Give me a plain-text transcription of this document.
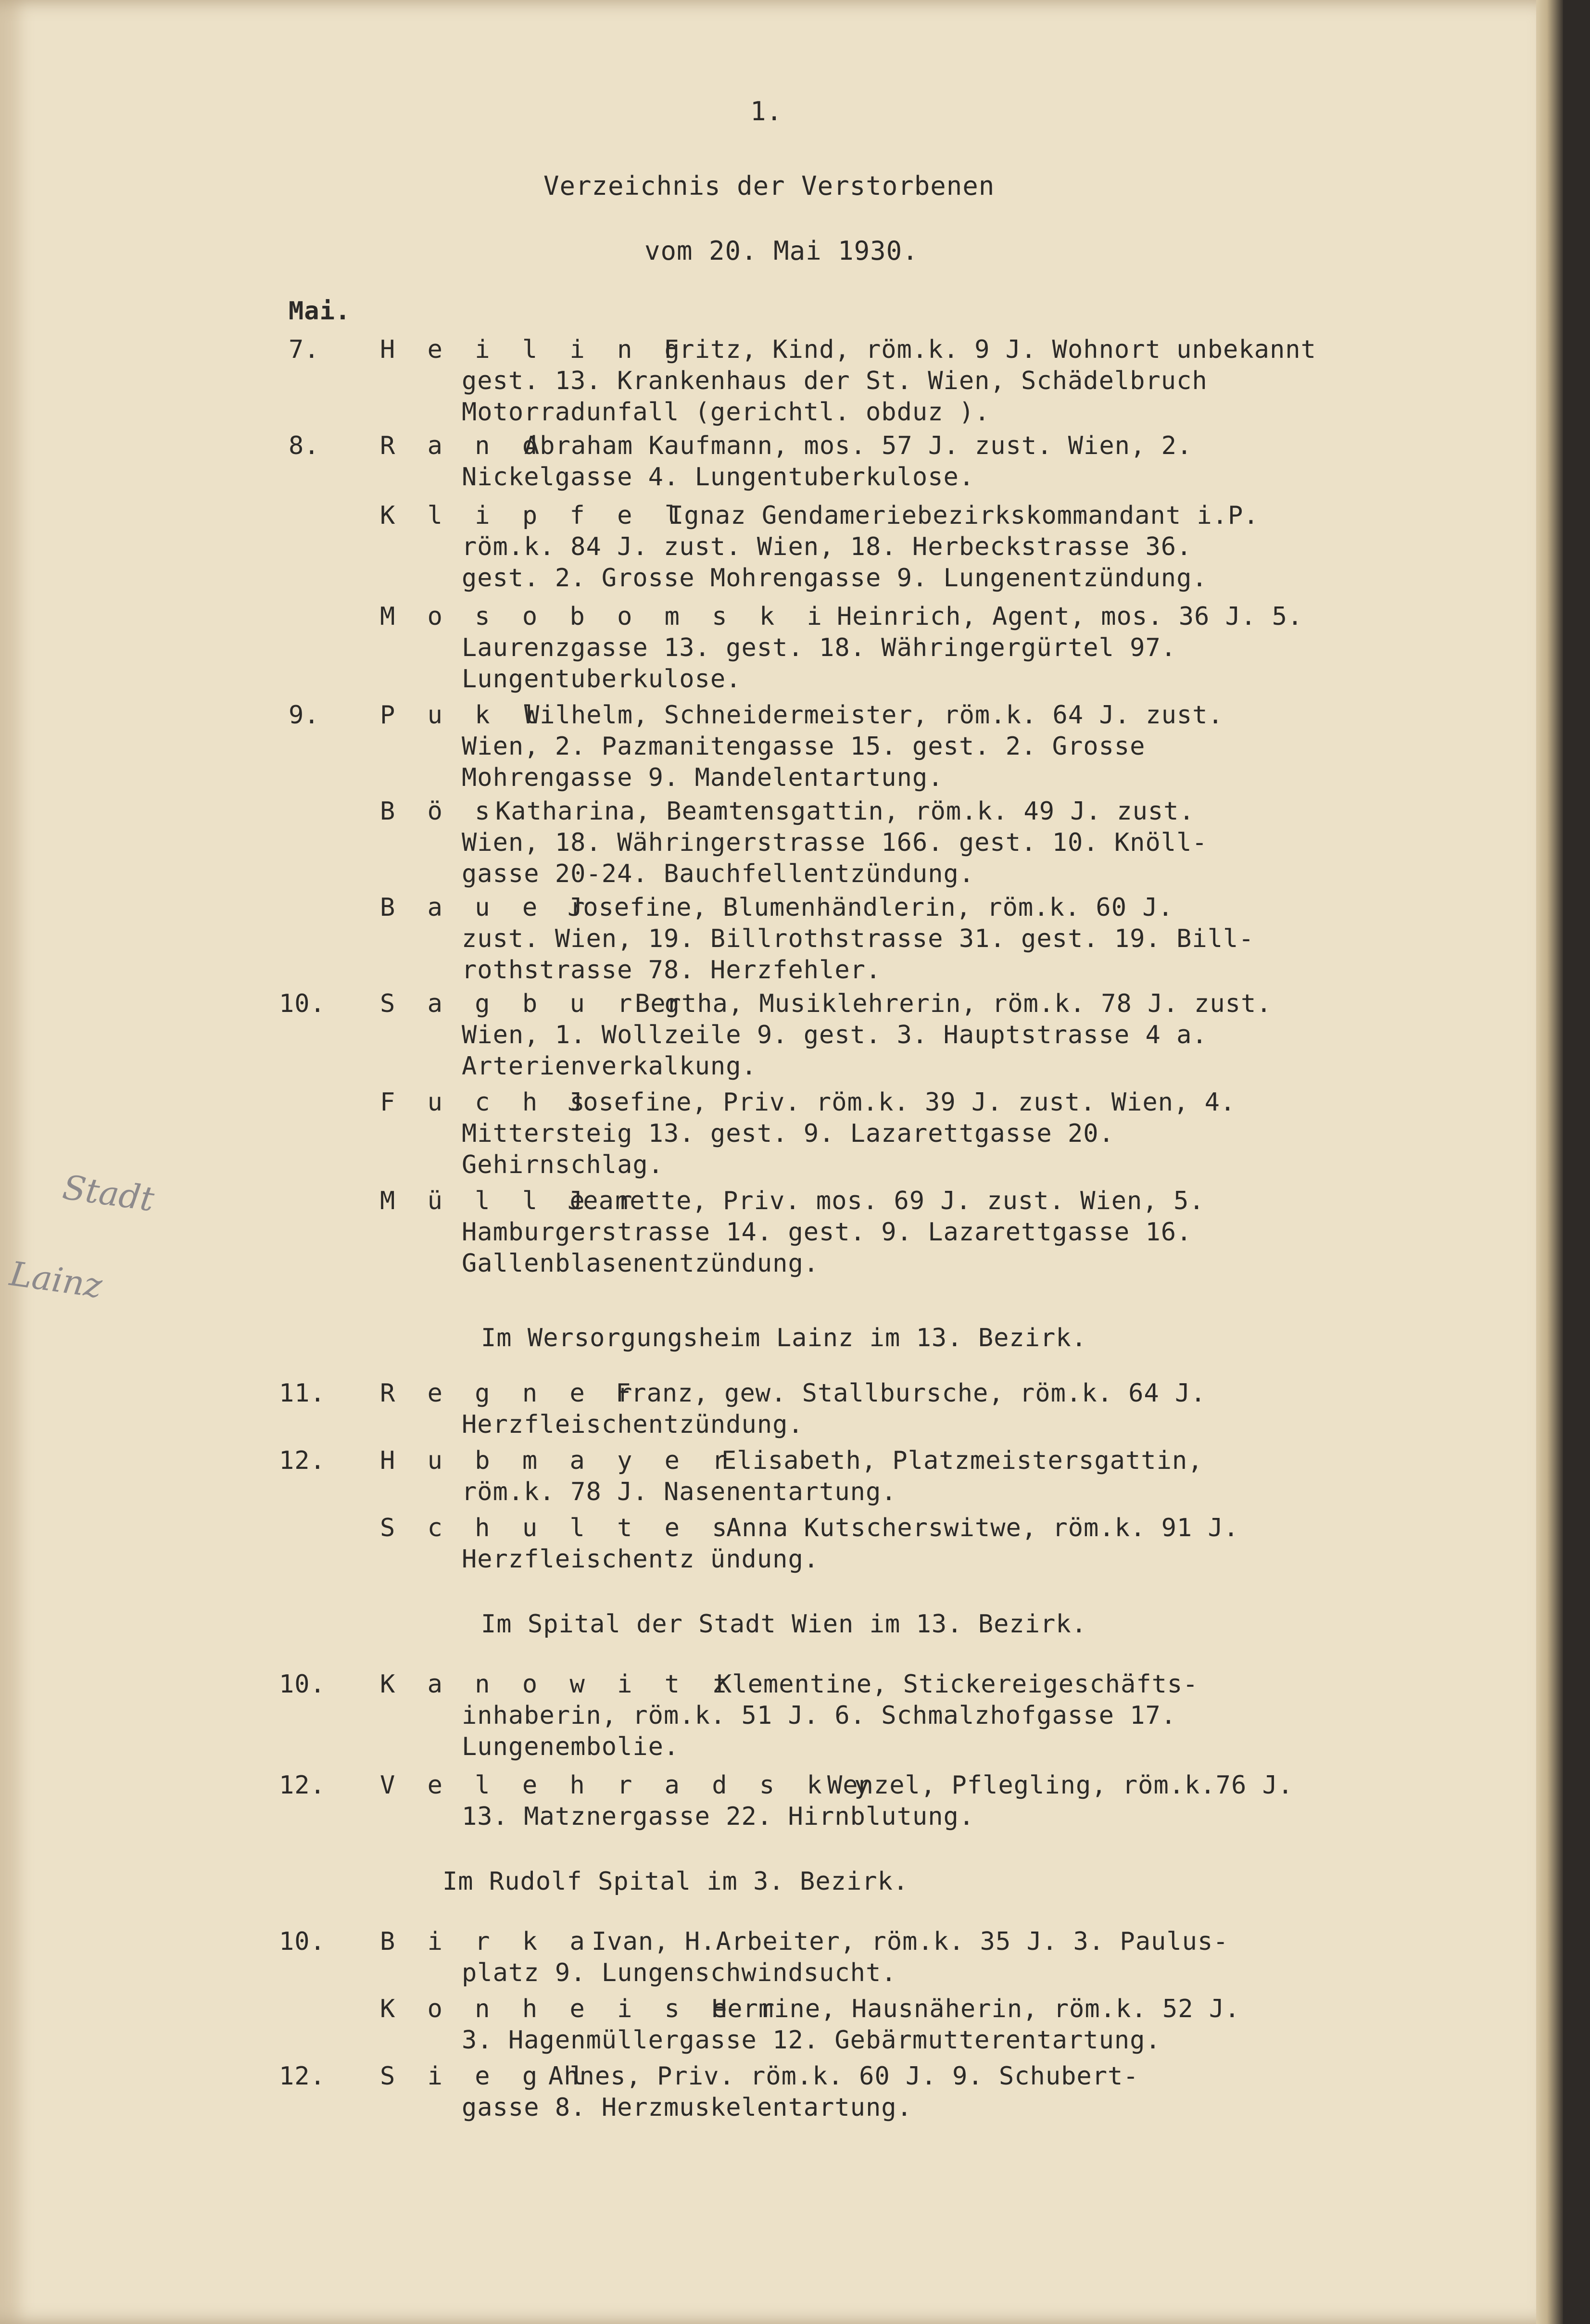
1.
Verzeichnis der Verstorbenen
vom 20. Mai 1930.
Mai.
Stadt
Lainz
7. H e i l i n g
Fritz, Kind, röm.k. 9 J. Wohnort unbekannt
gest. 13. Krankenhaus der St. Wien, Schädelbruch
Motorradunfall (gerichtl. obduz ).
8. R a n d
Abraham Kaufmann, mos. 57 J. zust. Wien, 2.
Nickelgasse 4. Lungentuberkulose.
K l i p f e l
Ignaz Gendameriebezirkskommandant i.P.
röm.k. 84 J. zust. Wien, 18. Herbeckstrasse 36.
gest. 2. Grosse Mohrengasse 9. Lungenentzündung.
M o s o b o m s k i Heinrich, Agent, mos. 36 J. 5.
Laurenzgasse 13. gest. 18. Währingergürtel 97.
Lungentuberkulose.
9. P u k l
Wilhelm, Schneidermeister, röm.k. 64 J. zust.
Wien, 2. Pazmanitengasse 15. gest. 2. Grosse
Mohrengasse 9. Mandelentartung.
B ö s
Katharina, Beamtensgattin, röm.k. 49 J. zust.
Wien, 18. Währingerstrasse 166. gest. 10. Knöll-
gasse 20-24. Bauchfellentzündung.
B a u e r
Josefine, Blumenhändlerin, röm.k. 60 J.
zust. Wien, 19. Billrothstrasse 31. gest. 19. Bill-
rothstrasse 78. Herzfehler.
10. S a g b u r g
Bertha, Musiklehrerin, röm.k. 78 J. zust.
Wien, 1. Wollzeile 9. gest. 3. Hauptstrasse 4 a.
Arterienverkalkung.
F u c h s
Josefine, Priv. röm.k. 39 J. zust. Wien, 4.
Mittersteig 13. gest. 9. Lazarettgasse 20.
Gehirnschlag.
M ü l l e r
Jeanette, Priv. mos. 69 J. zust. Wien, 5.
Hamburgerstrasse 14. gest. 9. Lazarettgasse 16.
Gallenblasenentzündung.
Im Wersorgungsheim Lainz im 13. Bezirk.
11. R e g n e r
Franz, gew. Stallbursche, röm.k. 64 J.
Herzfleischentzündung.
12. H u b m a y e r
Elisabeth, Platzmeistersgattin,
röm.k. 78 J. Nasenentartung.
S c h u l t e s
Anna Kutscherswitwe, röm.k. 91 J.
Herzfleischentz ündung.
Im Spital der Stadt Wien im 13. Bezirk.
10. K a n o w i t z
Klementine, Stickereigeschäfts-
inhaberin, röm.k. 51 J. 6. Schmalzhofgasse 17.
Lungenembolie.
12. V e l e h r a d s k y
Wenzel, Pflegling, röm.k.76 J.
13. Matznergasse 22. Hirnblutung.
Im Rudolf Spital im 3. Bezirk.
10. B i r k a
Ivan, H.Arbeiter, röm.k. 35 J. 3. Paulus-
platz 9. Lungenschwindsucht.
K o n h e i s e r
Hermine, Hausnäherin, röm.k. 52 J.
3. Hagenmüllergasse 12. Gebärmutterentartung.
12. S i e g l
Ahnes, Priv. röm.k. 60 J. 9. Schubert-
gasse 8. Herzmuskelentartung.
